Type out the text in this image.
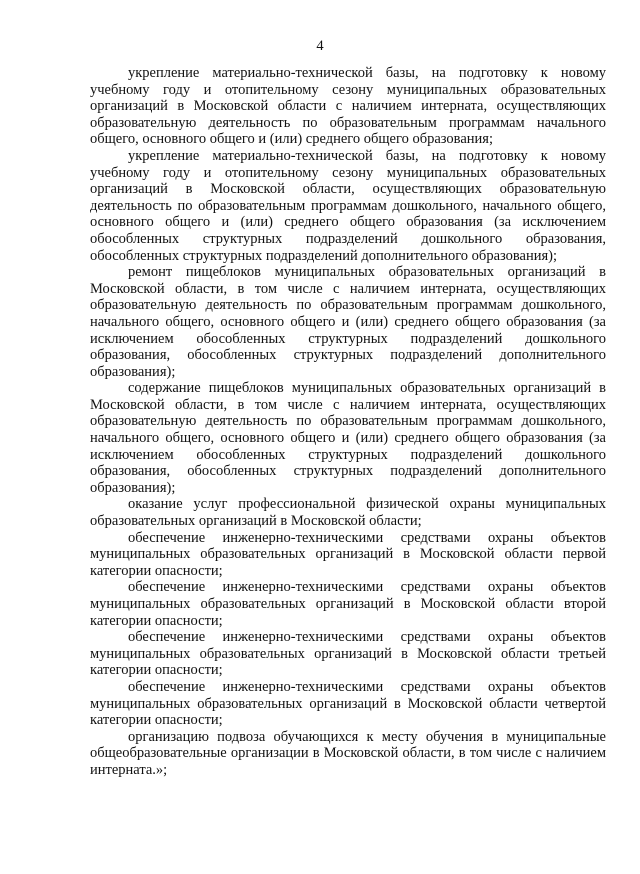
4

укрепление материально-технической базы, на подготовку к новому учебному году и отопительному сезону муниципальных образовательных организаций в Московской области с наличием интерната, осуществляющих образовательную деятельность по образовательным программам начального общего, основного общего и (или) среднего общего образования;

укрепление материально-технической базы, на подготовку к новому учебному году и отопительному сезону муниципальных образовательных организаций в Московской области, осуществляющих образовательную деятельность по образовательным программам дошкольного, начального общего, основного общего и (или) среднего общего образования (за исключением обособленных структурных подразделений дошкольного образования, обособленных структурных подразделений дополнительного образования);

ремонт пищеблоков муниципальных образовательных организаций в Московской области, в том числе с наличием интерната, осуществляющих образовательную деятельность по образовательным программам дошкольного, начального общего, основного общего и (или) среднего общего образования (за исключением обособленных структурных подразделений дошкольного образования, обособленных структурных подразделений дополнительного образования);

содержание пищеблоков муниципальных образовательных организаций в Московской области, в том числе с наличием интерната, осуществляющих образовательную деятельность по образовательным программам дошкольного, начального общего, основного общего и (или) среднего общего образования (за исключением обособленных структурных подразделений дошкольного образования, обособленных структурных подразделений дополнительного образования);

оказание услуг профессиональной физической охраны муниципальных образовательных организаций в Московской области;

обеспечение инженерно-техническими средствами охраны объектов муниципальных образовательных организаций в Московской области первой категории опасности;

обеспечение инженерно-техническими средствами охраны объектов муниципальных образовательных организаций в Московской области второй категории опасности;

обеспечение инженерно-техническими средствами охраны объектов муниципальных образовательных организаций в Московской области третьей категории опасности;

обеспечение инженерно-техническими средствами охраны объектов муниципальных образовательных организаций в Московской области четвертой категории опасности;

организацию подвоза обучающихся к месту обучения в муниципальные общеобразовательные организации в Московской области, в том числе с наличием интерната.»;
